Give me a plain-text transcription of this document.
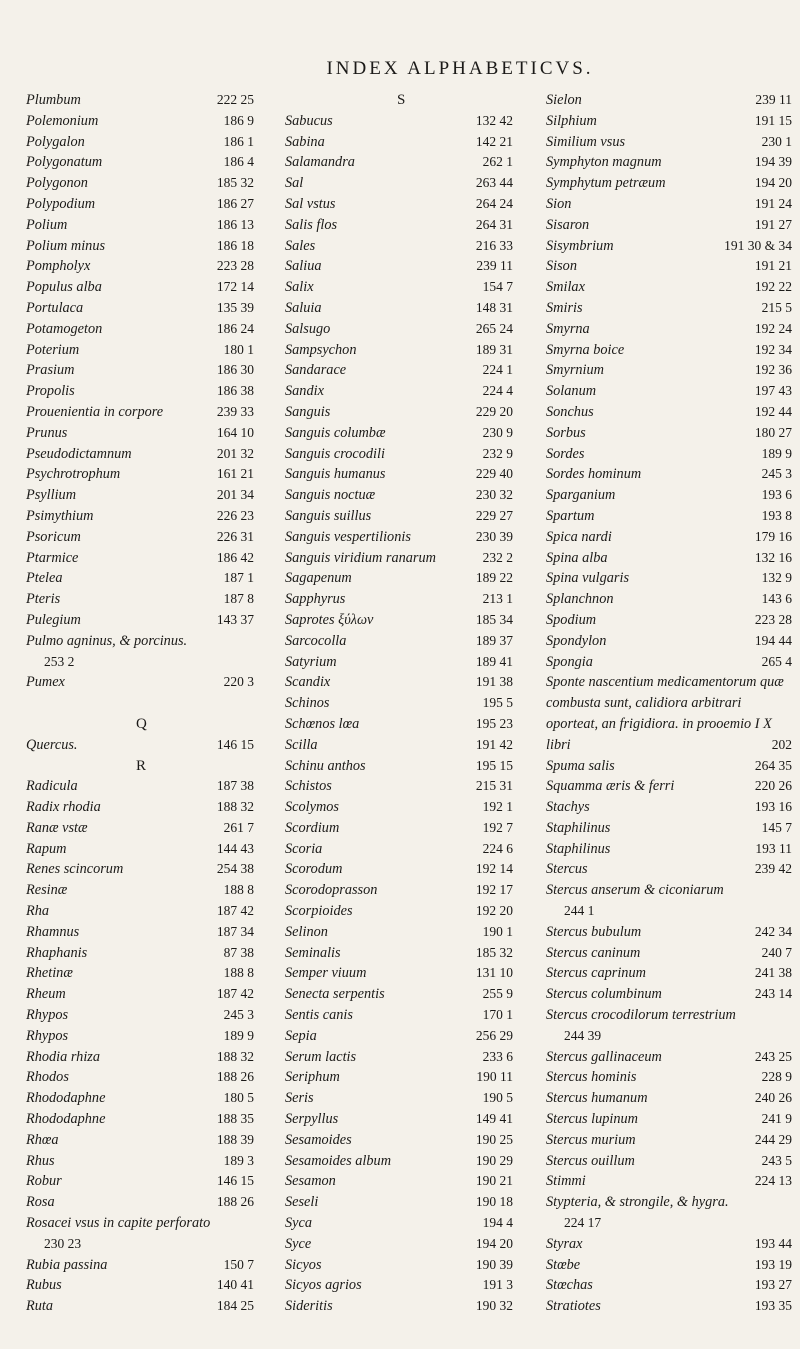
INDEX ALPHABETICVS.
Plumbum	222 25
Polemonium	186 9
Polygalon	186 1
Polygonatum	186 4
Polygonon	185 32
Polypodium	186 27
Polium	186 13
Polium minus	186 18
Pompholyx	223 28
Populus alba	172 14
Portulaca	135 39
Potamogeton	186 24
Poterium	180 1
Prasium	186 30
Propolis	186 38
Prouenientia in corpore	239 33
Prunus	164 10
Pseudodictamnum	201 32
Psychrotrophum	161 21
Psyllium	201 34
Psimythium	226 23
Psoricum	226 31
Ptarmice	186 42
Ptelea	187 1
Pteris	187 8
Pulegium	143 37
Pulmo agninus, & porcinus.
253 2
Pumex	220 3
Q
Quercus.	146 15
R
Radicula	187 38
Radix rhodia	188 32
Ranæ vstæ	261 7
Rapum	144 43
Renes scincorum	254 38
Resinæ	188 8
Rha	187 42
Rhamnus	187 34
Rhaphanis	87 38
Rhetinæ	188 8
Rheum	187 42
Rhypos	245 3
Rhypos	189 9
Rhodia rhiza	188 32
Rhodos	188 26
Rhododaphne	180 5
Rhododaphne	188 35
Rhœa	188 39
Rhus	189 3
Robur	146 15
Rosa	188 26
Rosacei vsus in capite perforato
230 23
Rubia passina	150 7
Rubus	140 41
Ruta	184 25
S
Sabucus	132 42
Sabina	142 21
Salamandra	262 1
Sal	263 44
Sal vstus	264 24
Salis flos	264 31
Sales	216 33
Saliua	239 11
Salix	154 7
Saluia	148 31
Salsugo	265 24
Sampsychon	189 31
Sandarace	224 1
Sandix	224 4
Sanguis	229 20
Sanguis columbæ	230 9
Sanguis crocodili	232 9
Sanguis humanus	229 40
Sanguis noctuæ	230 32
Sanguis suillus	229 27
Sanguis vespertilionis	230 39
Sanguis viridium ranarum	232 2
Sagapenum	189 22
Sapphyrus	213 1
Saprotes ξύλων	185 34
Sarcocolla	189 37
Satyrium	189 41
Scandix	191 38
Schinos	195 5
Schœnos lœa	195 23
Scilla	191 42
Schinu anthos	195 15
Schistos	215 31
Scolymos	192 1
Scordium	192 7
Scoria	224 6
Scorodum	192 14
Scorodoprasson	192 17
Scorpioides	192 20
Selinon	190 1
Seminalis	185 32
Semper viuum	131 10
Senecta serpentis	255 9
Sentis canis	170 1
Sepia	256 29
Serum lactis	233 6
Seriphum	190 11
Seris	190 5
Serpyllus	149 41
Sesamoides	190 25
Sesamoides album	190 29
Sesamon	190 21
Seseli	190 18
Syca	194 4
Syce	194 20
Sicyos	190 39
Sicyos agrios	191 3
Sideritis	190 32
Sielon	239 11
Silphium	191 15
Similium vsus	230 1
Symphyton magnum	194 39
Symphytum petræum	194 20
Sion	191 24
Sisaron	191 27
Sisymbrium	191 30 & 34
Sison	191 21
Smilax	192 22
Smiris	215 5
Smyrna	192 24
Smyrna boice	192 34
Smyrnium	192 36
Solanum	197 43
Sonchus	192 44
Sorbus	180 27
Sordes	189 9
Sordes hominum	245 3
Sparganium	193 6
Spartum	193 8
Spica nardi	179 16
Spina alba	132 16
Spina vulgaris	132 9
Splanchnon	143 6
Spodium	223 28
Spondylon	194 44
Spongia	265 4
Sponte nascentium medicamentorum quæ combusta sunt, calidiora arbitrari oporteat, an frigidiora. in prooemio I X libri	202
Spuma salis	264 35
Squamma æris & ferri	220 26
Stachys	193 16
Staphilinus	145 7
Staphilinus	193 11
Stercus	239 42
Stercus anserum & ciconiarum
244 1
Stercus bubulum	242 34
Stercus caninum	240 7
Stercus caprinum	241 38
Stercus columbinum	243 14
Stercus crocodilorum terrestrium
244 39
Stercus gallinaceum	243 25
Stercus hominis	228 9
Stercus humanum	240 26
Stercus lupinum	241 9
Stercus murium	244 29
Stercus ouillum	243 5
Stimmi	224 13
Stypteria, & strongile, & hygra.
224 17
Styrax	193 44
Stœbe	193 19
Stœchas	193 27
Stratiotes	193 35
